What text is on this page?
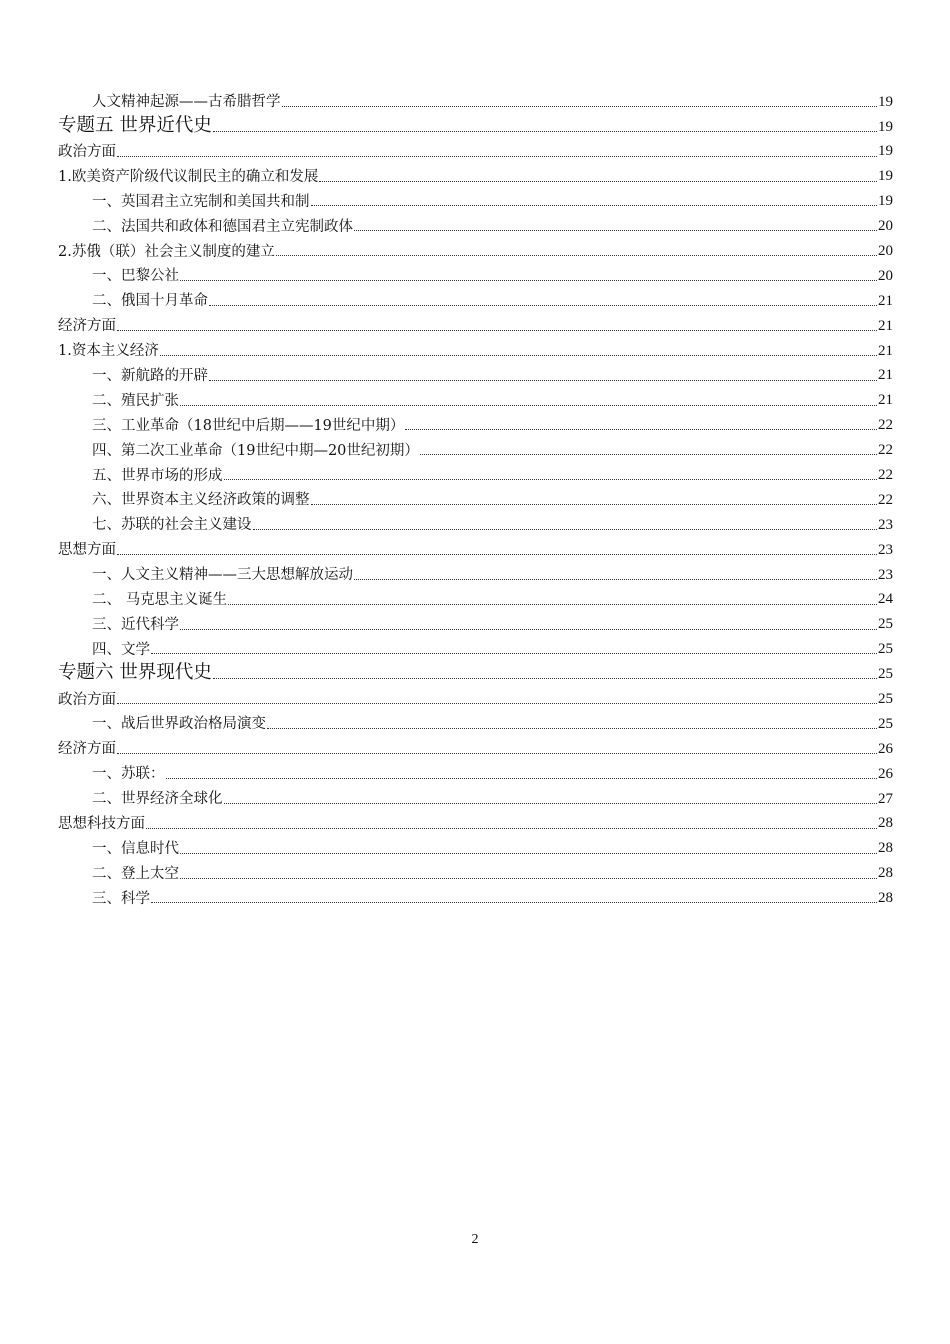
人文精神起源——古希腊哲学	19
专题五 世界近代史	19
政治方面	19
1.欧美资产阶级代议制民主的确立和发展	19
一、英国君主立宪制和美国共和制	19
二、法国共和政体和德国君主立宪制政体	20
2.苏俄（联）社会主义制度的建立	20
一、巴黎公社	20
二、俄国十月革命	21
经济方面	21
1.资本主义经济	21
一、新航路的开辟	21
二、殖民扩张	21
三、工业革命（18世纪中后期——19世纪中期）	22
四、第二次工业革命（19世纪中期—20世纪初期）	22
五、世界市场的形成	22
六、世界资本主义经济政策的调整	22
七、苏联的社会主义建设	23
思想方面	23
一、人文主义精神——三大思想解放运动	23
二、 马克思主义诞生	24
三、近代科学	25
四、文学	25
专题六 世界现代史	25
政治方面	25
一、战后世界政治格局演变	25
经济方面	26
一、苏联：	26
二、世界经济全球化	27
思想科技方面	28
一、信息时代	28
二、登上太空	28
三、科学	28
2
